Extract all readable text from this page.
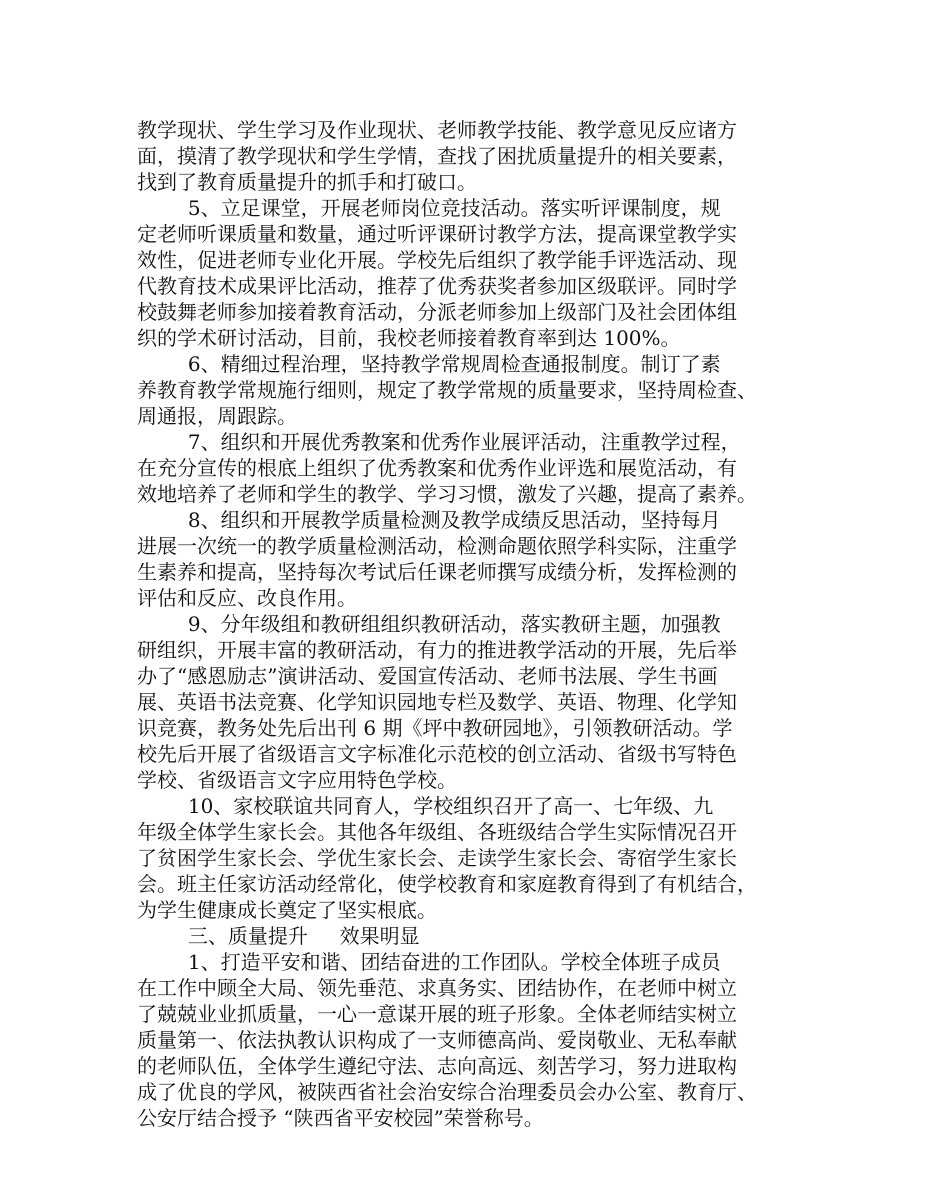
教学现状、学生学习及作业现状、老师教学技能、教学意见反应诸方
面，摸清了教学现状和学生学情，查找了困扰质量提升的相关要素，
找到了教育质量提升的抓手和打破口。
5、立足课堂，开展老师岗位竞技活动。落实听评课制度，规
定老师听课质量和数量，通过听评课研讨教学方法，提高课堂教学实
效性，促进老师专业化开展。学校先后组织了教学能手评选活动、现
代教育技术成果评比活动，推荐了优秀获奖者参加区级联评。同时学
校鼓舞老师参加接着教育活动，分派老师参加上级部门及社会团体组
织的学术研讨活动，目前，我校老师接着教育率到达 100%。
6、精细过程治理，坚持教学常规周检查通报制度。制订了素
养教育教学常规施行细则，规定了教学常规的质量要求，坚持周检查、
周通报，周跟踪。
7、组织和开展优秀教案和优秀作业展评活动，注重教学过程，
在充分宣传的根底上组织了优秀教案和优秀作业评选和展览活动，有
效地培养了老师和学生的教学、学习习惯，激发了兴趣，提高了素养。
8、组织和开展教学质量检测及教学成绩反思活动，坚持每月
进展一次统一的教学质量检测活动，检测命题依照学科实际，注重学
生素养和提高，坚持每次考试后任课老师撰写成绩分析，发挥检测的
评估和反应、改良作用。
9、分年级组和教研组组织教研活动，落实教研主题，加强教
研组织，开展丰富的教研活动，有力的推进教学活动的开展，先后举
办了“感恩励志”演讲活动、爱国宣传活动、老师书法展、学生书画
展、英语书法竞赛、化学知识园地专栏及数学、英语、物理、化学知
识竞赛，教务处先后出刊 6 期《坪中教研园地》，引领教研活动。学
校先后开展了省级语言文字标准化示范校的创立活动、省级书写特色
学校、省级语言文字应用特色学校。
10、家校联谊共同育人，学校组织召开了高一、七年级、九
年级全体学生家长会。其他各年级组、各班级结合学生实际情况召开
了贫困学生家长会、学优生家长会、走读学生家长会、寄宿学生家长
会。班主任家访活动经常化，使学校教育和家庭教育得到了有机结合，
为学生健康成长奠定了坚实根底。
三、质量提升     效果明显
1、打造平安和谐、团结奋进的工作团队。学校全体班子成员
在工作中顾全大局、领先垂范、求真务实、团结协作，在老师中树立
了兢兢业业抓质量，一心一意谋开展的班子形象。全体老师结实树立
质量第一、依法执教认识构成了一支师德高尚、爱岗敬业、无私奉献
的老师队伍，全体学生遵纪守法、志向高远、刻苦学习，努力进取构
成了优良的学风，被陕西省社会治安综合治理委员会办公室、教育厅、
公安厅结合授予 “陕西省平安校园”荣誉称号。
